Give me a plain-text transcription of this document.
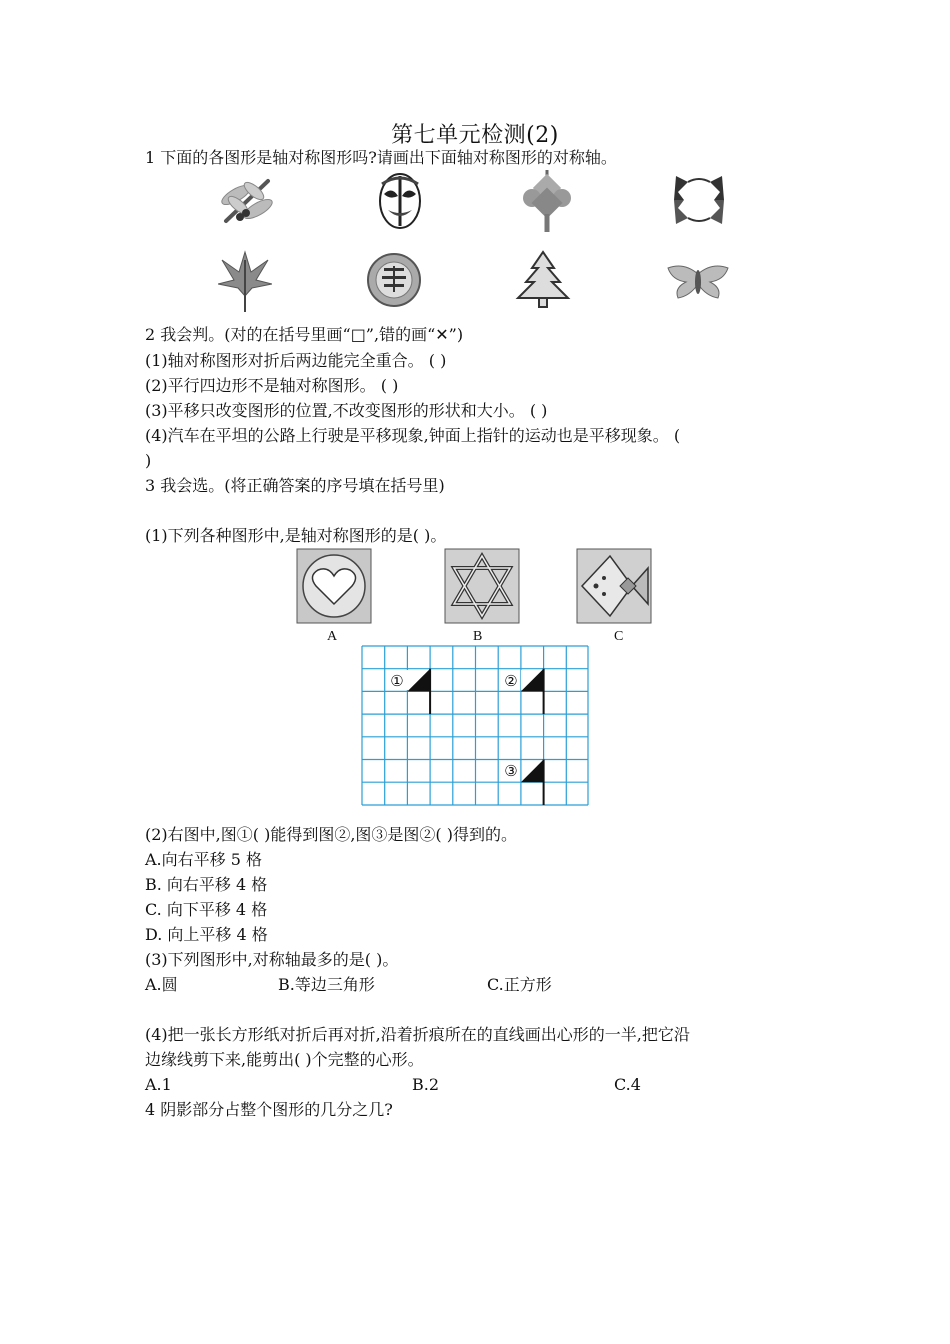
第七单元检测(2)
1 下面的各图形是轴对称图形吗?请画出下面轴对称图形的对称轴。
2 我会判。(对的在括号里画“□”,错的画“✕”)
(1)轴对称图形对折后两边能完全重合。 ( )
(2)平行四边形不是轴对称图形。 ( )
(3)平移只改变图形的位置,不改变图形的形状和大小。 ( )
(4)汽车在平坦的公路上行驶是平移现象,钟面上指针的运动也是平移现象。 (
)
3 我会选。(将正确答案的序号填在括号里)
(1)下列各种图形中,是轴对称图形的是( )。
A	B	C
①	②
③
(2)右图中,图①( )能得到图②,图③是图②( )得到的。
A.向右平移 5 格
B. 向右平移 4 格
C. 向下平移 4 格
D. 向上平移 4 格
(3)下列图形中,对称轴最多的是( )。
A.圆	B.等边三角形	C.正方形
(4)把一张长方形纸对折后再对折,沿着折痕所在的直线画出心形的一半,把它沿
边缘线剪下来,能剪出( )个完整的心形。
A.1	B.2	C.4
4 阴影部分占整个图形的几分之几?
